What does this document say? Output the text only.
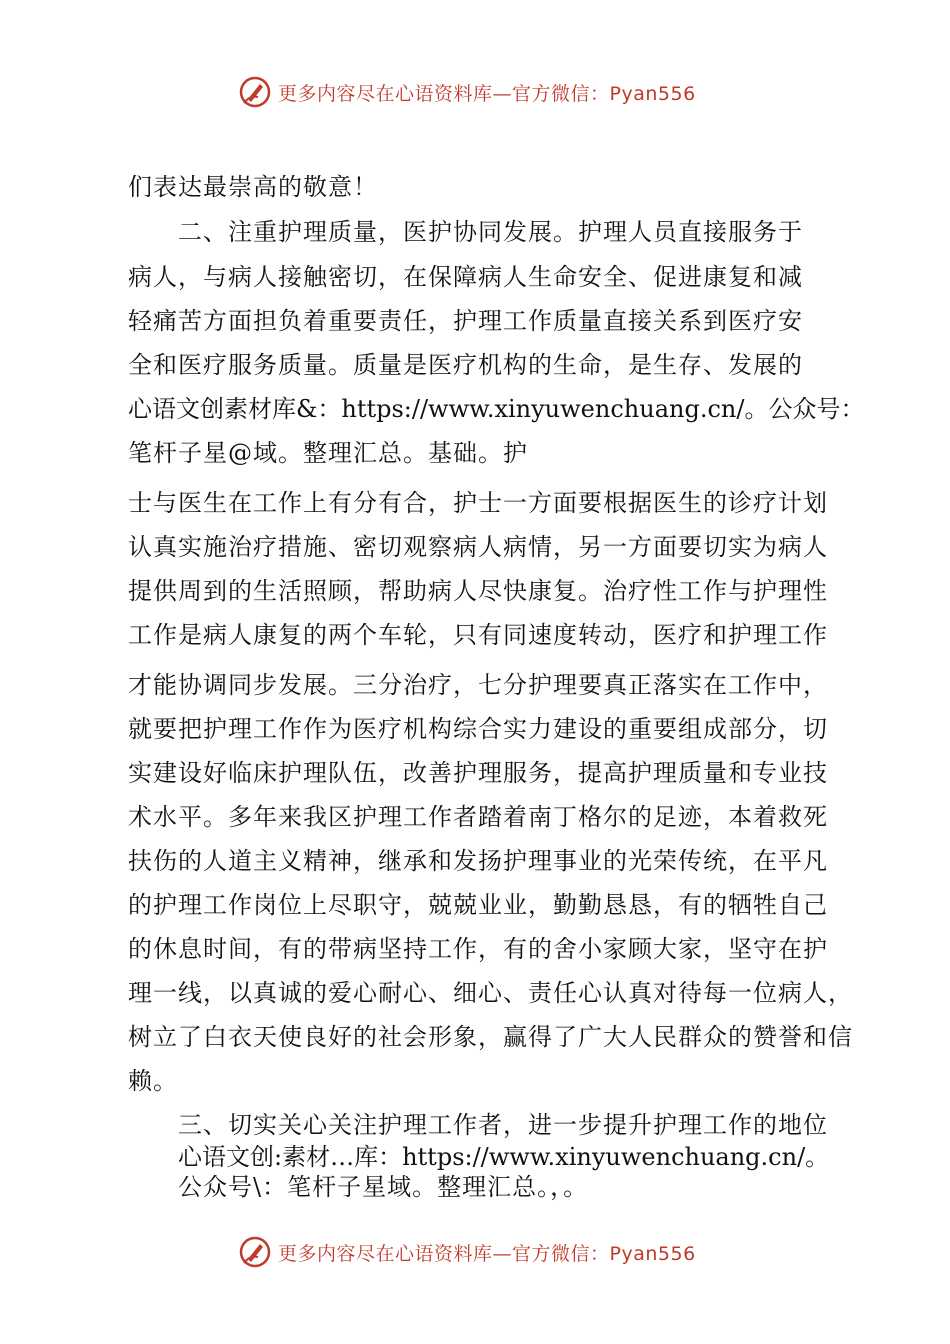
更多内容尽在心语资料库—官方微信：Pyan556
们表达最崇高的敬意！
二、注重护理质量，医护协同发展。护理人员直接服务于
病人，与病人接触密切，在保障病人生命安全、促进康复和减
轻痛苦方面担负着重要责任，护理工作质量直接关系到医疗安
全和医疗服务质量。质量是医疗机构的生命，是生存、发展的
心语文创素材库&：https://www.xinyuwenchuang.cn/。公众号：
笔杆子星@域。整理汇总。基础。护
士与医生在工作上有分有合，护士一方面要根据医生的诊疗计划
认真实施治疗措施、密切观察病人病情，另一方面要切实为病人
提供周到的生活照顾，帮助病人尽快康复。治疗性工作与护理性
工作是病人康复的两个车轮，只有同速度转动，医疗和护理工作
才能协调同步发展。三分治疗，七分护理要真正落实在工作中，
就要把护理工作作为医疗机构综合实力建设的重要组成部分，切
实建设好临床护理队伍，改善护理服务，提高护理质量和专业技
术水平。多年来我区护理工作者踏着南丁格尔的足迹，本着救死
扶伤的人道主义精神，继承和发扬护理事业的光荣传统，在平凡
的护理工作岗位上尽职守，兢兢业业，勤勤恳恳，有的牺牲自己
的休息时间，有的带病坚持工作，有的舍小家顾大家，坚守在护
理一线，以真诚的爱心耐心、细心、责任心认真对待每一位病人，
树立了白衣天使良好的社会形象，赢得了广大人民群众的赞誉和信
赖。
三、切实关心关注护理工作者，进一步提升护理工作的地位
心语文创:素材…库：https://www.xinyuwenchuang.cn/。
公众号\：笔杆子星域。整理汇总。，。
更多内容尽在心语资料库—官方微信：Pyan556
